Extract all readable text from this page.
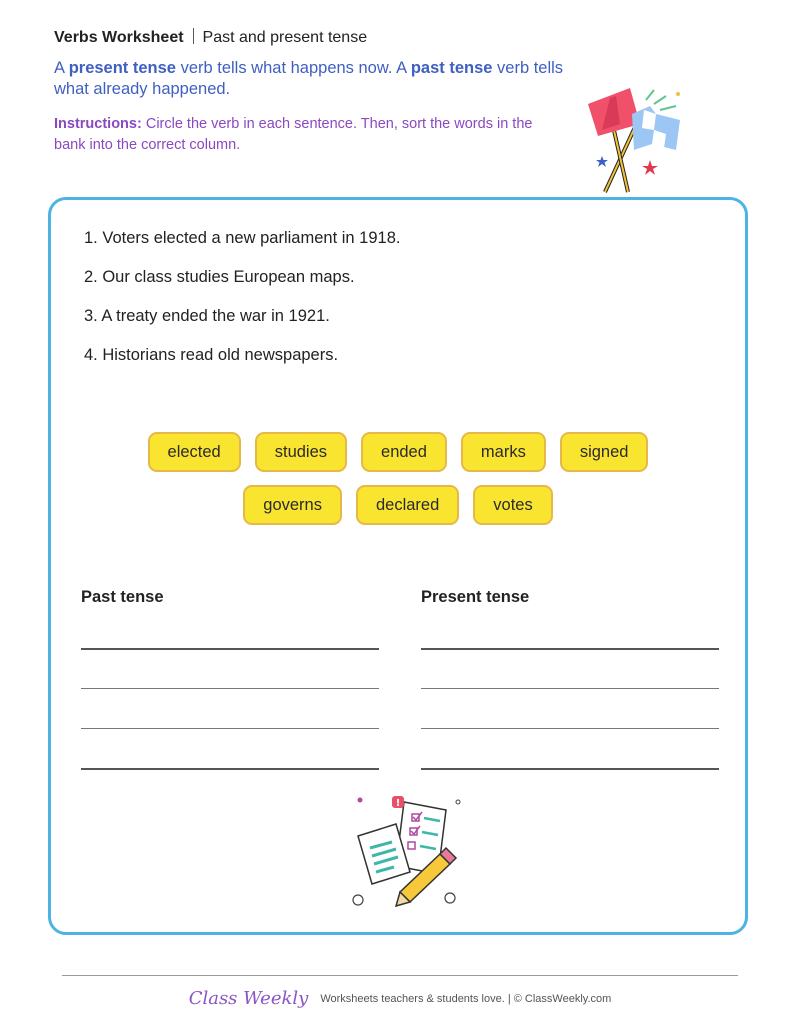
Verbs Worksheet Past and present tense
A present tense verb tells what happens now. A past tense verb tells what already happened.
Instructions: Circle the verb in each sentence. Then, sort the words in the bank into the correct column.
1. Voters elected a new parliament in 1918.
2. Our class studies European maps.
3. A treaty ended the war in 1921.
4. Historians read old newspapers.
elected	studies	ended	marks	signed
governs	declared	votes
Past tense	Present tense
!
Class Weekly Worksheets teachers & students love. | © ClassWeekly.com
